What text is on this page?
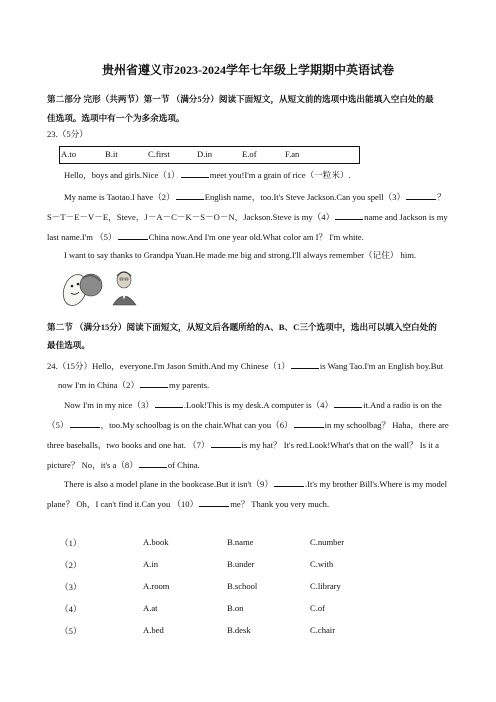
贵州省遵义市2023-2024学年七年级上学期期中英语试卷
第二部分 完形（共两节）第一节 （满分5分）阅读下面短文，从短文前的选项中选出能填入空白处的最
佳选项。选项中有一个为多余选项。
23.（5分）
A.to	B.it	C.first	D.in	E.of	F.an
Hello，boys and girls.Nice（1）	meet you!I'm a grain of rice（一粒米）.
My name is Taotao.I have（2）	English name，too.It's Steve Jackson.Can you spell（3）	？
S－T－E－V－E，Steve，J－A－C－K－S－O－N，Jackson.Steve is my（4）	name and Jackson is my
last name.I'm （5）	China now.And I'm one year old.What color am I？ I'm white.
I want to say thanks to Grandpa Yuan.He made me big and strong.I'll always remember（记住） him.
第二节 （满分15分）阅读下面短文，从短文后各题所给的A、B、C三个选项中，选出可以填入空白处的
最佳选项。
24.（15分）Hello，everyone.I'm Jason Smith.And my Chinese（1）	is Wang Tao.I'm an English boy.But
now I'm in China（2）	my parents.
Now I'm in my nice（3）	.Look!This is my desk.A computer is（4）	it.And a radio is on the
（5）	，too.My schoolbag is on the chair.What can you（6）	in my schoolbag？ Haha，there are
three baseballs，two books and one hat. （7）	is my hat？ It's red.Look!What's that on the wall？ Is it a
picture？ No，it's a（8）	of China.
There is also a model plane in the bookcase.But it isn't（9）	.It's my brother Bill's.Where is my model
plane？ Oh，I can't find it.Can you （10）	me？ Thank you very much.
（1）	A.book	B.name	C.number
（2）	A.in	B.under	C.with
（3）	A.room	B.school	C.library
（4）	A.at	B.on	C.of
（5）	A.bed	B.desk	C.chair
